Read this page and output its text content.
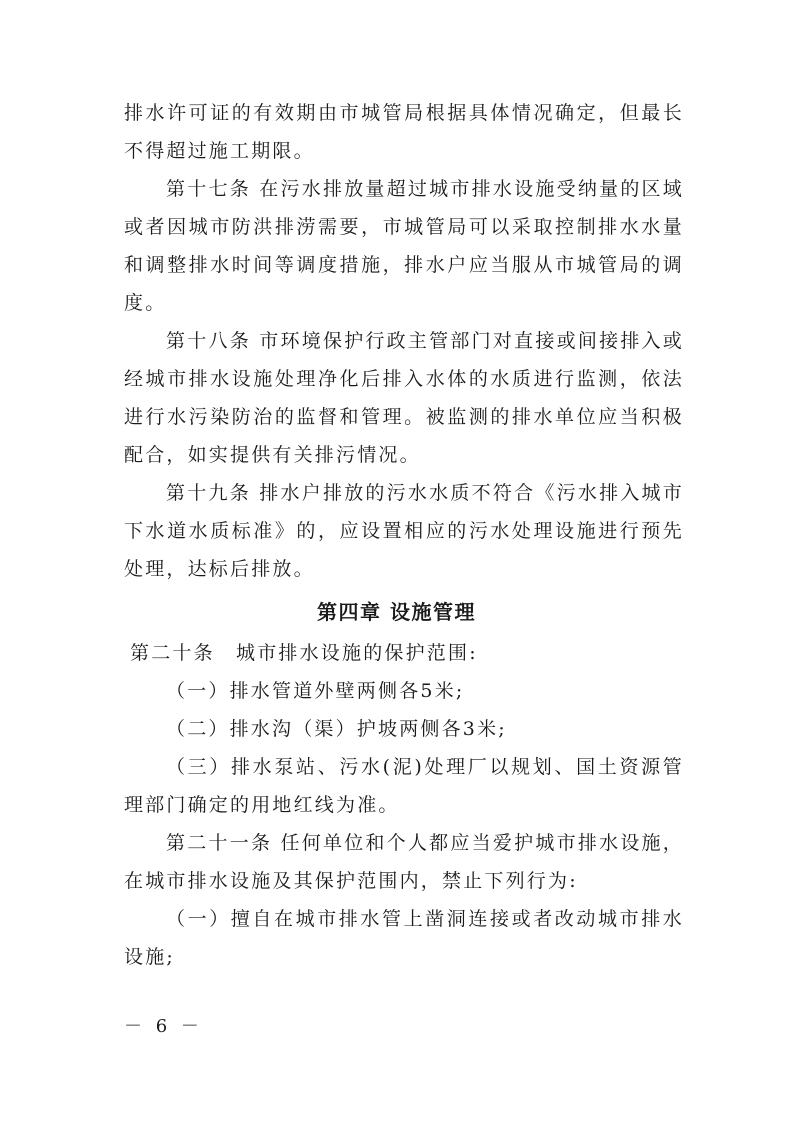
排水许可证的有效期由市城管局根据具体情况确定，但最长不得超过施工期限。
第十七条 在污水排放量超过城市排水设施受纳量的区域或者因城市防洪排涝需要，市城管局可以采取控制排水水量和调整排水时间等调度措施，排水户应当服从市城管局的调度。
第十八条 市环境保护行政主管部门对直接或间接排入或经城市排水设施处理净化后排入水体的水质进行监测，依法进行水污染防治的监督和管理。被监测的排水单位应当积极配合，如实提供有关排污情况。
第十九条 排水户排放的污水水质不符合《污水排入城市下水道水质标准》的，应设置相应的污水处理设施进行预先处理，达标后排放。
第四章 设施管理
第二十条　城市排水设施的保护范围:
（一）排水管道外壁两侧各5米;
（二）排水沟（渠）护坡两侧各3米;
（三）排水泵站、污水(泥)处理厂以规划、国土资源管理部门确定的用地红线为准。
第二十一条 任何单位和个人都应当爱护城市排水设施，在城市排水设施及其保护范围内，禁止下列行为:
（一）擅自在城市排水管上凿洞连接或者改动城市排水设施;
－ 6 －
